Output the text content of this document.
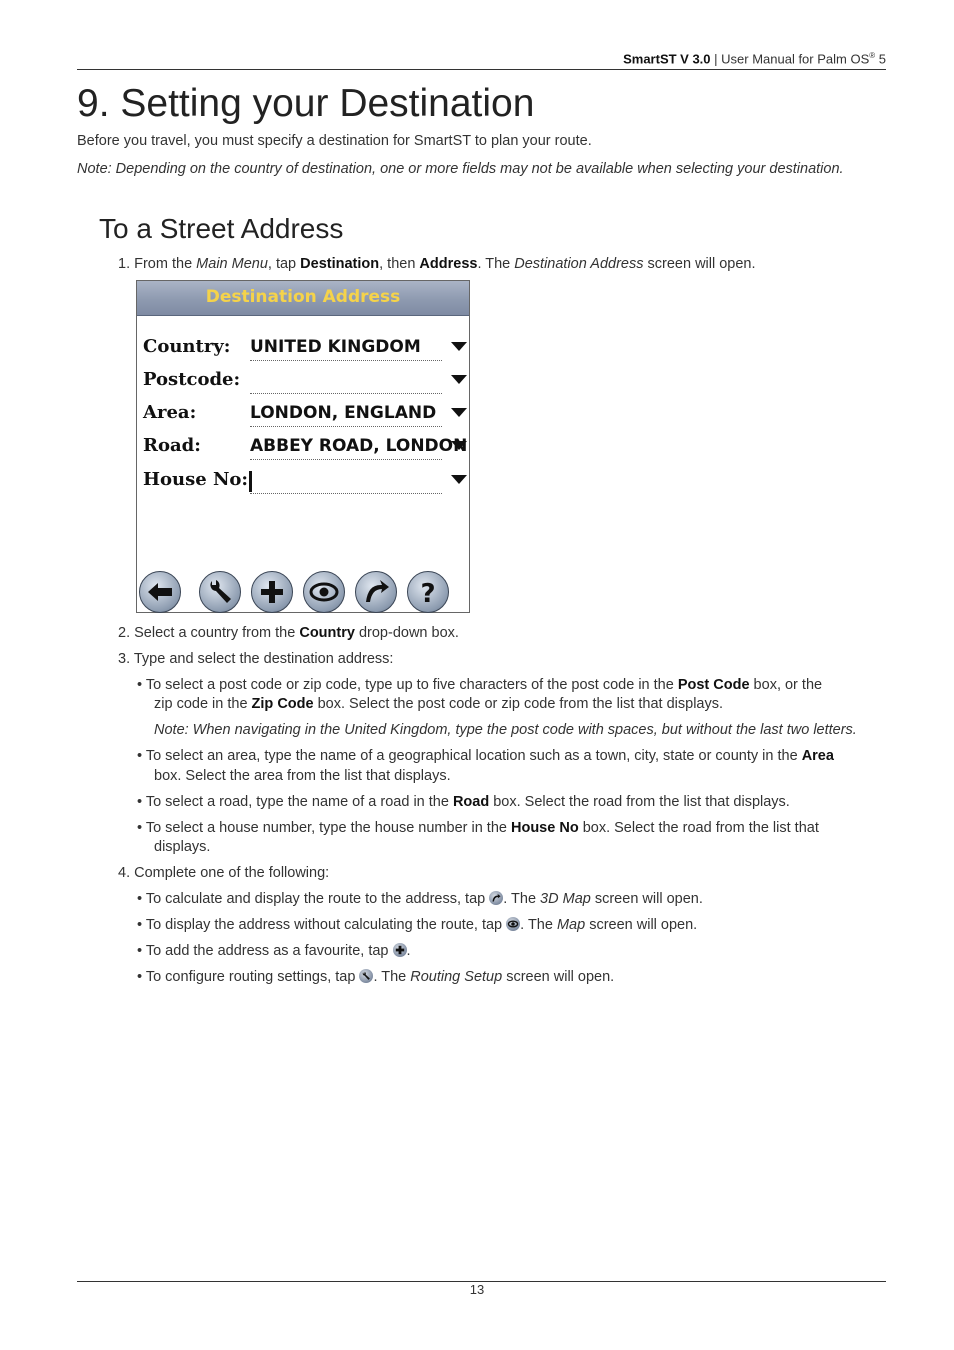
SmartST V 3.0 | User Manual for Palm OS® 5
9. Setting your Destination
Before you travel, you must specify a destination for SmartST to plan your route.
Note: Depending on the country of destination, one or more fields may not be available when selecting your destination.
To a Street Address
1. From the Main Menu, tap Destination, then Address. The Destination Address screen will open.
Destination Address
Country: UNITED KINGDOM
Postcode:
Area:	LONDON, ENGLAND
Road:	ABBEY ROAD, LONDON
House No:
?
2. Select a country from the Country drop-down box.
3. Type and select the destination address:
• To select a post code or zip code, type up to five characters of the post code in the Post Code box, or the
zip code in the Zip Code box. Select the post code or zip code from the list that displays.
Note: When navigating in the United Kingdom, type the post code with spaces, but without the last two letters.
• To select an area, type the name of a geographical location such as a town, city, state or county in the Area
box. Select the area from the list that displays.
• To select a road, type the name of a road in the Road box. Select the road from the list that displays.
• To select a house number, type the house number in the House No box. Select the road from the list that
displays.
4. Complete one of the following:
• To calculate and display the route to the address, tap
. The 3D Map screen will open.
• To display the address without calculating the route, tap
. The Map screen will open.
• To add the address as a favourite, tap
.
• To configure routing settings, tap
. The Routing Setup screen will open.
13
